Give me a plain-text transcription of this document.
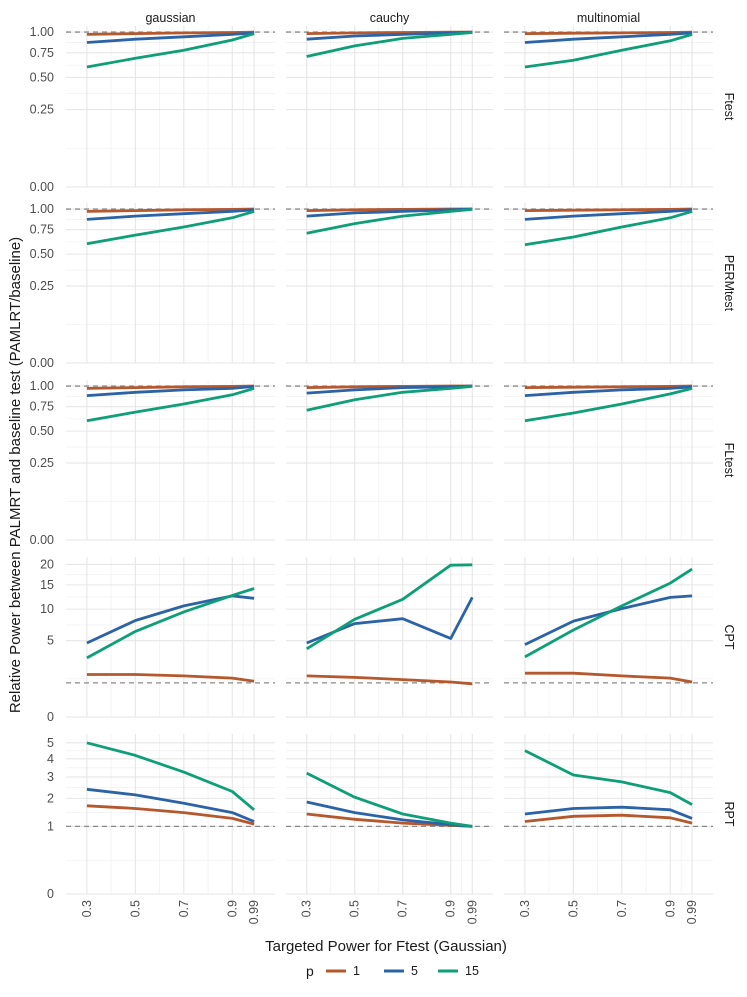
gaussian	cauchy	multinomial
Ftest
PERMtest
FLtest
CPT
RPT
0.00
0.25
0.50
0.75
1.00
0.00
0.25
0.50
0.75
1.00
0.00
0.25
0.50
0.75
1.00
0
5
10
15
20
0
1
2
3
4
5
0.3	0.5	0.7	0.9 0.99	0.3	0.5	0.7	0.9 0.99	0.3	0.5	0.7	0.9 0.99
Targeted Power for Ftest (Gaussian)
Relative Power between PALMRT and baseline test (PAMLRT/baseline)
p	1	5	15
